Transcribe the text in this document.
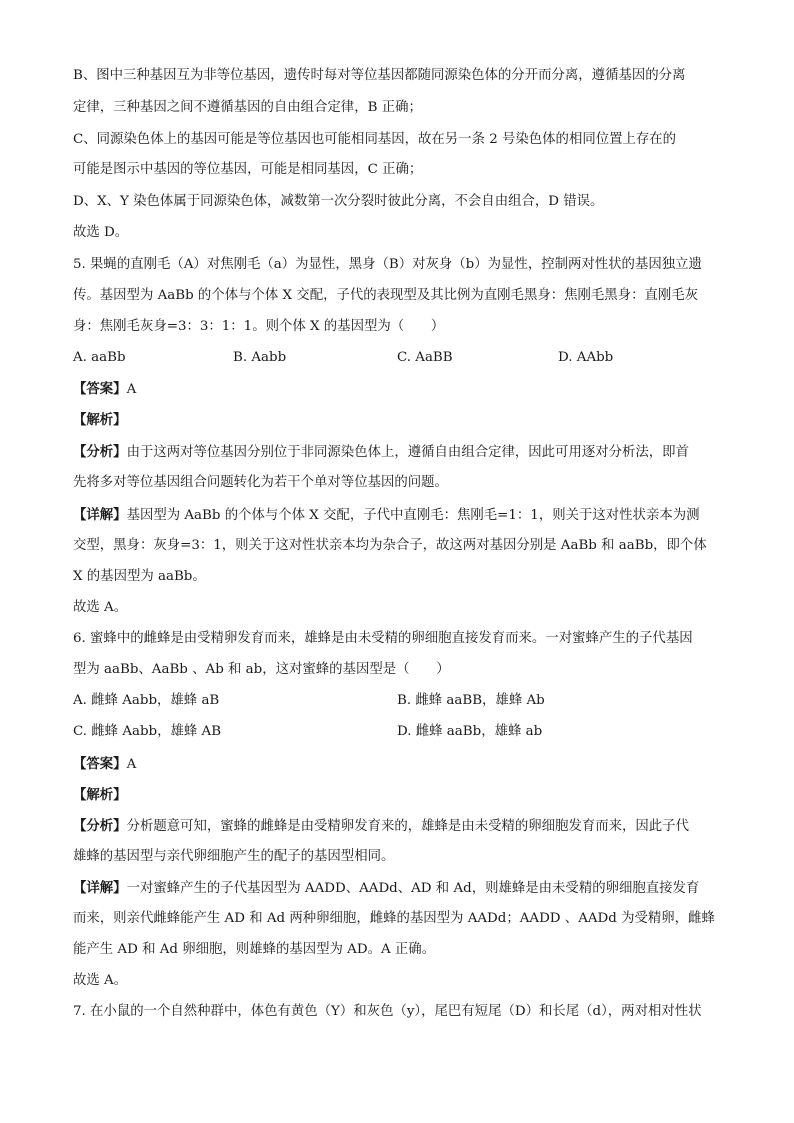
B、图中三种基因互为非等位基因，遗传时每对等位基因都随同源染色体的分开而分离，遵循基因的分离
定律，三种基因之间不遵循基因的自由组合定律，B 正确；
C、同源染色体上的基因可能是等位基因也可能相同基因，故在另一条 2 号染色体的相同位置上存在的
可能是图示中基因的等位基因，可能是相同基因，C 正确；
D、X、Y 染色体属于同源染色体，减数第一次分裂时彼此分离，不会自由组合，D 错误。
故选 D。
5. 果蝇的直刚毛（A）对焦刚毛（a）为显性，黑身（B）对灰身（b）为显性，控制两对性状的基因独立遗
传。基因型为 AaBb 的个体与个体 X 交配，子代的表现型及其比例为直刚毛黑身：焦刚毛黑身：直刚毛灰
身：焦刚毛灰身=3：3：1：1。则个体 X 的基因型为（　　）
A. aaBb	B. Aabb	C. AaBB	D. AAbb
【答案】A
【解析】
【分析】由于这两对等位基因分别位于非同源染色体上，遵循自由组合定律，因此可用逐对分析法，即首
先将多对等位基因组合问题转化为若干个单对等位基因的问题。
【详解】基因型为 AaBb 的个体与个体 X 交配，子代中直刚毛：焦刚毛=1：1，则关于这对性状亲本为测
交型，黑身：灰身=3：1，则关于这对性状亲本均为杂合子，故这两对基因分别是 AaBb 和 aaBb，即个体
X 的基因型为 aaBb。
故选 A。
6. 蜜蜂中的雌蜂是由受精卵发育而来，雄蜂是由未受精的卵细胞直接发育而来。一对蜜蜂产生的子代基因
型为 aaBb、AaBb 、Ab 和 ab，这对蜜蜂的基因型是（　　）
A. 雌蜂 Aabb，雄蜂 aB	B. 雌蜂 aaBB，雄蜂 Ab
C. 雌蜂 Aabb，雄蜂 AB	D. 雌蜂 aaBb，雄蜂 ab
【答案】A
【解析】
【分析】分析题意可知，蜜蜂的雌蜂是由受精卵发育来的，雄蜂是由未受精的卵细胞发育而来，因此子代
雄蜂的基因型与亲代卵细胞产生的配子的基因型相同。
【详解】一对蜜蜂产生的子代基因型为 AADD、AADd、AD 和 Ad，则雄蜂是由未受精的卵细胞直接发育
而来，则亲代雌蜂能产生 AD 和 Ad 两种卵细胞，雌蜂的基因型为 AADd；AADD 、AADd 为受精卵，雌蜂
能产生 AD 和 Ad 卵细胞，则雄蜂的基因型为 AD。A 正确。
故选 A。
7. 在小鼠的一个自然种群中，体色有黄色（Y）和灰色（y），尾巴有短尾（D）和长尾（d），两对相对性状
